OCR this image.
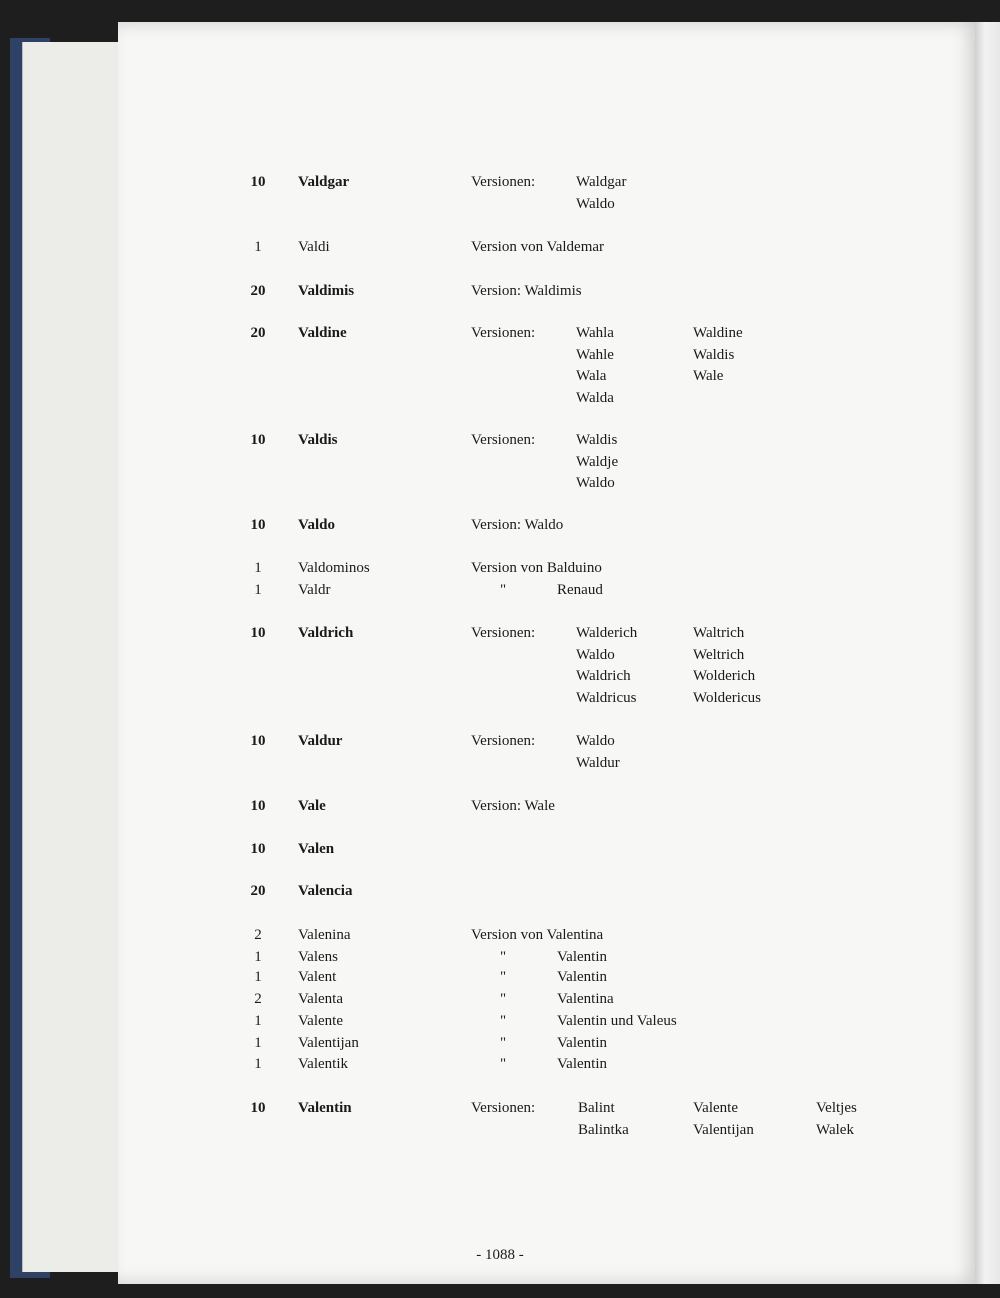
10	Valdgar	Versionen:	Waldgar
Waldo
1	Valdi	Version von Valdemar
20	Valdimis	Version: Waldimis
20	Valdine	Versionen:	Wahla	Waldine
Wahle	Waldis
Wala	Wale
Walda
10	Valdis	Versionen:	Waldis
Waldje
Waldo
10	Valdo	Version: Waldo
1	Valdominos	Version von Balduino
1	Valdr	"	Renaud
10	Valdrich	Versionen:	Walderich	Waltrich
Waldo	Weltrich
Waldrich	Wolderich
Waldricus	Woldericus
10	Valdur	Versionen:	Waldo
Waldur
10	Vale	Version: Wale
10	Valen
20	Valencia
2	Valenina	Version von Valentina
1	Valens	"	Valentin
1	Valent	"	Valentin
2	Valenta	"	Valentina
1	Valente	"	Valentin und Valeus
1	Valentijan	"	Valentin
1	Valentik	"	Valentin
10	Valentin	Versionen:	Balint	Valente	Veltjes
Balintka	Valentijan	Walek
- 1088 -
